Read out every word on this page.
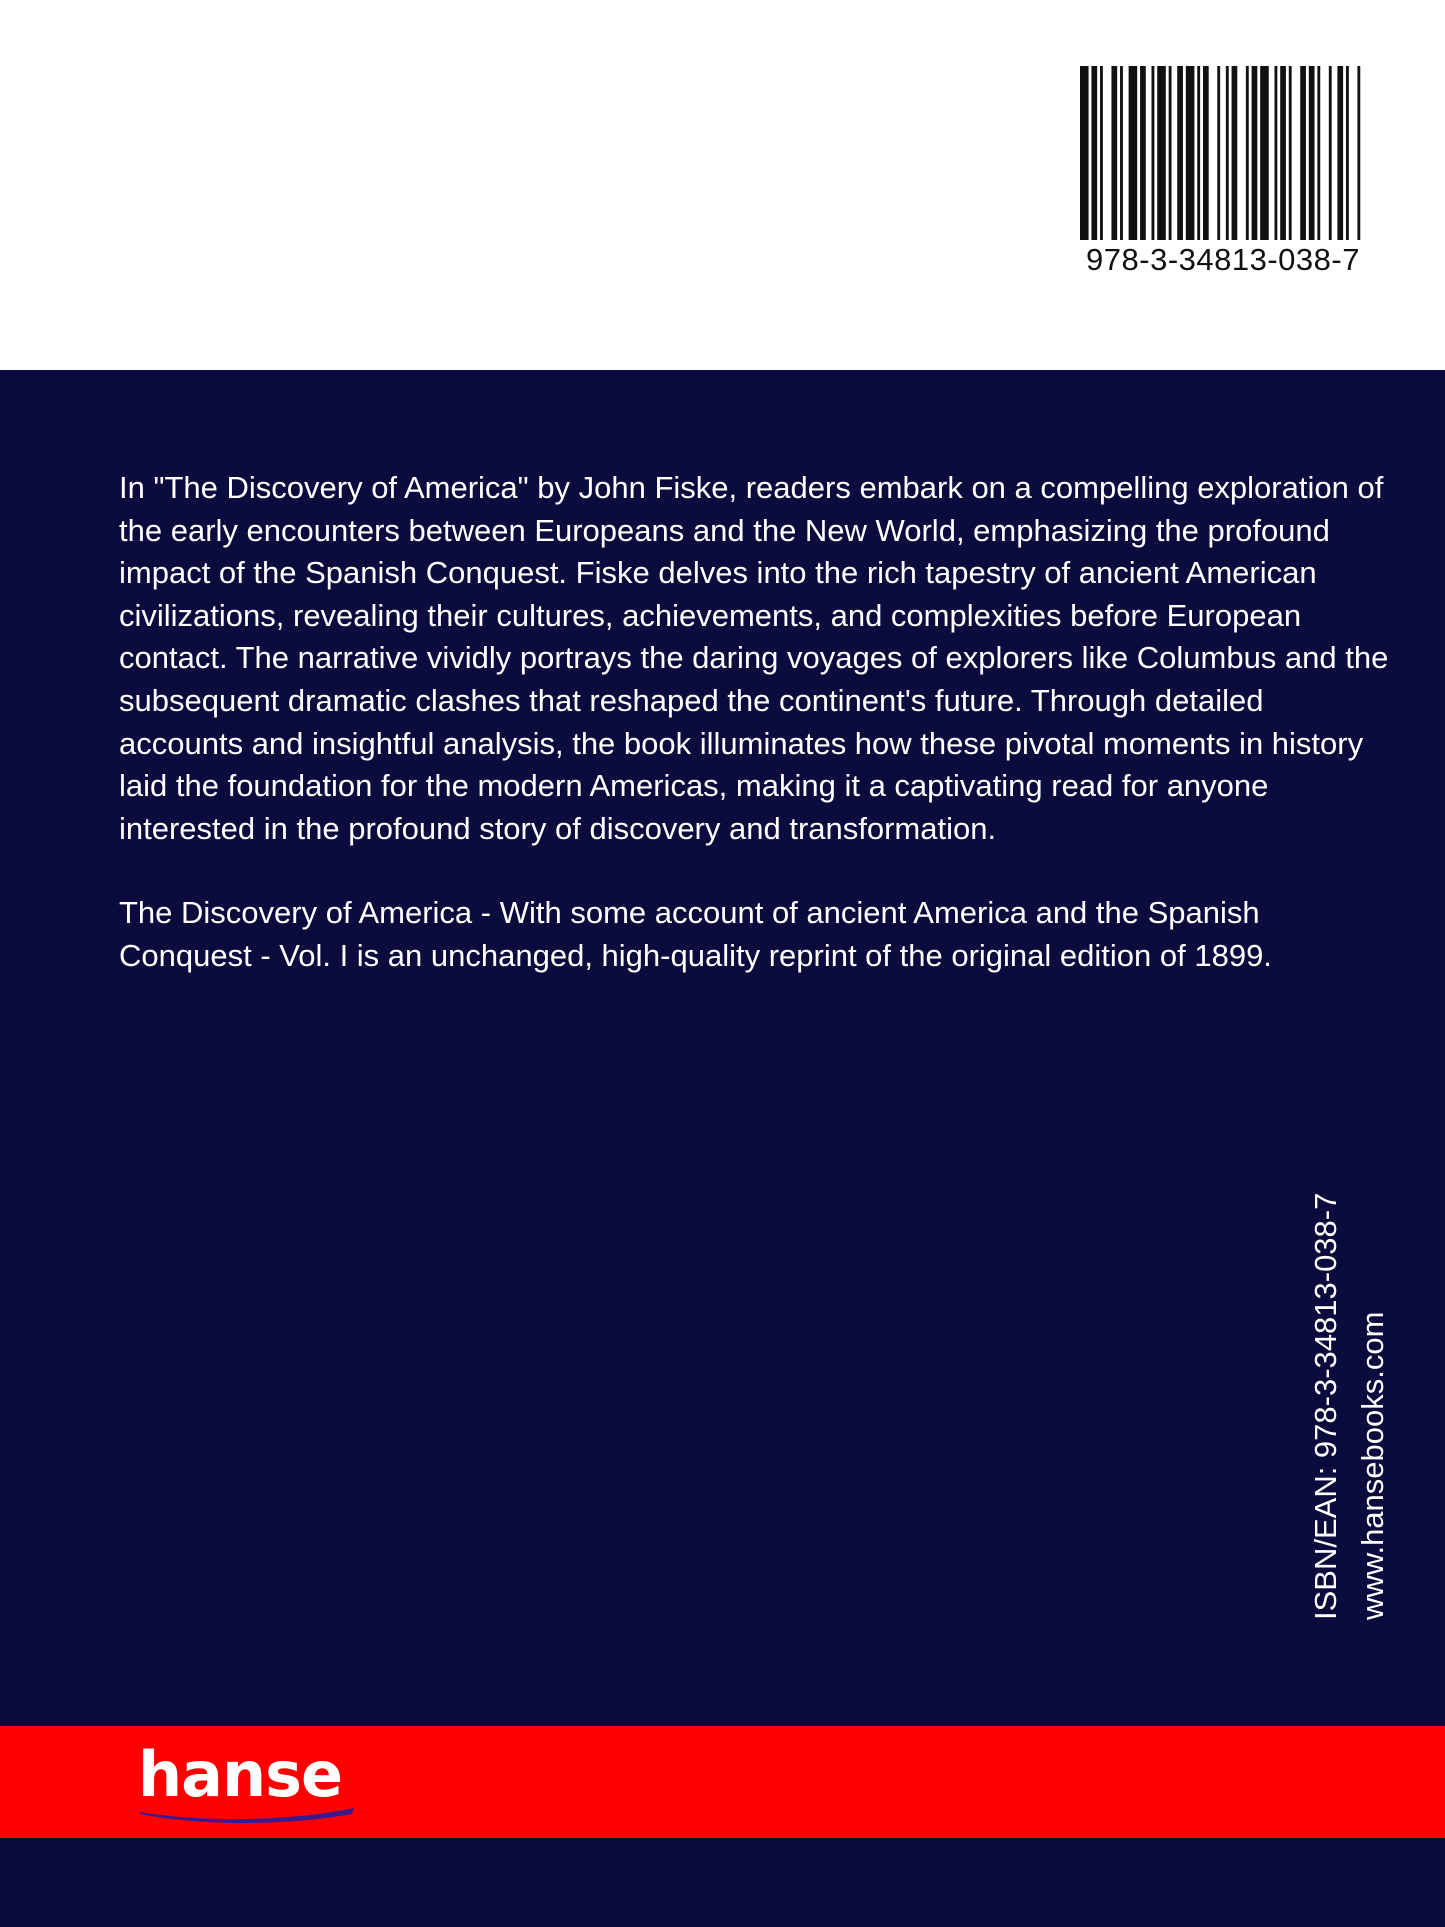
978-3-34813-038-7

In "The Discovery of America" by John Fiske, readers embark on a compelling exploration of the early encounters between Europeans and the New World, emphasizing the profound impact of the Spanish Conquest. Fiske delves into the rich tapestry of ancient American civilizations, revealing their cultures, achievements, and complexities before European contact. The narrative vividly portrays the daring voyages of explorers like Columbus and the subsequent dramatic clashes that reshaped the continent's future. Through detailed accounts and insightful analysis, the book illuminates how these pivotal moments in history laid the foundation for the modern Americas, making it a captivating read for anyone interested in the profound story of discovery and transformation.

The Discovery of America - With some account of ancient America and the Spanish Conquest - Vol. I is an unchanged, high-quality reprint of the original edition of 1899.

ISBN/EAN: 978-3-34813-038-7 www.hansebooks.com
hanse
